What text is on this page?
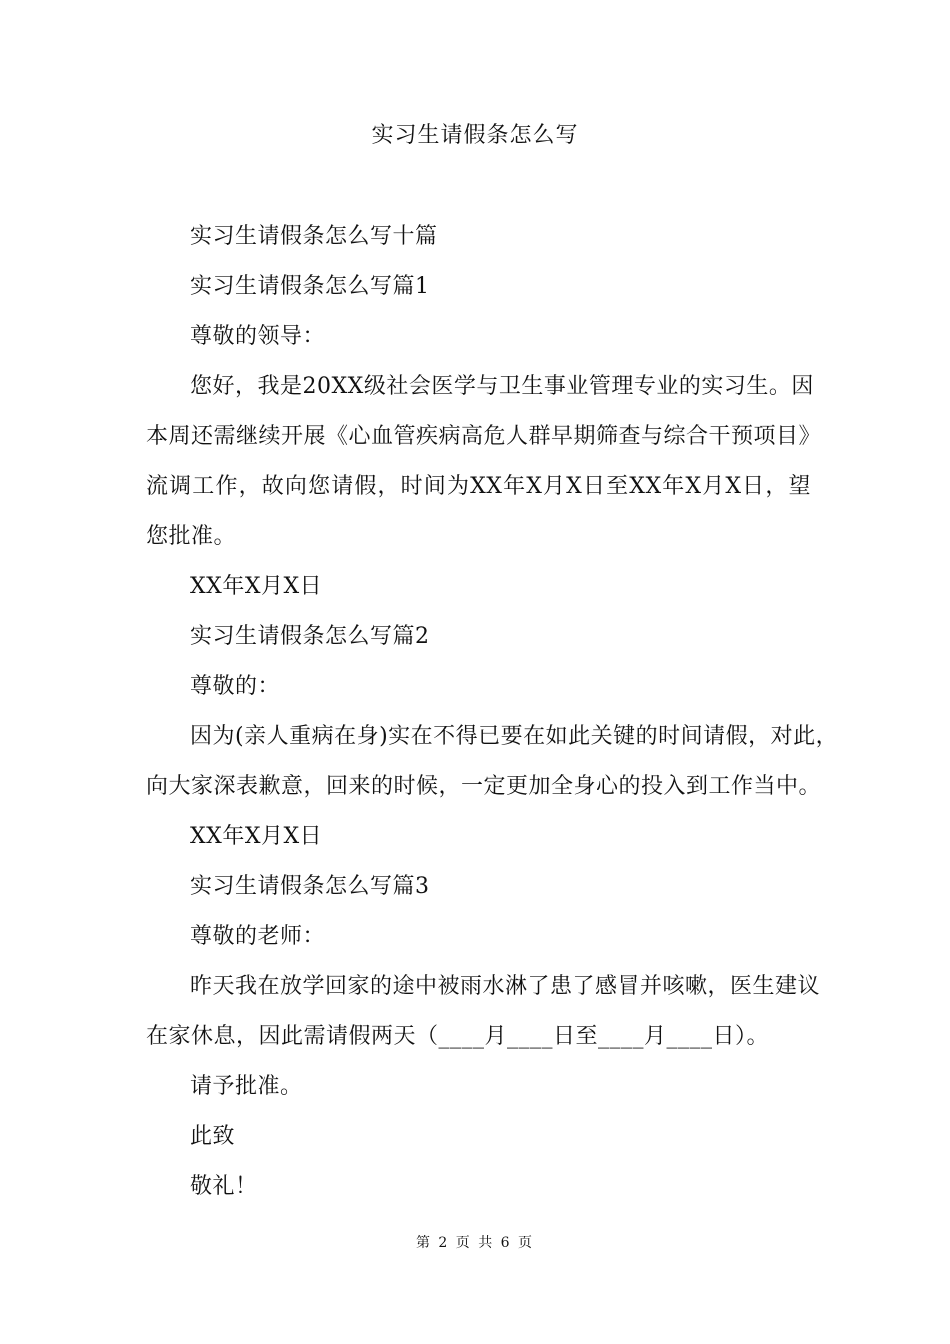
实习生请假条怎么写
实习生请假条怎么写十篇
实习生请假条怎么写篇1
尊敬的领导：
您好，我是20XX级社会医学与卫生事业管理专业的实习生。因
本周还需继续开展《心血管疾病高危人群早期筛查与综合干预项目》
流调工作，故向您请假，时间为XX年X月X日至XX年X月X日，望
您批准。
XX年X月X日
实习生请假条怎么写篇2
尊敬的：
因为(亲人重病在身)实在不得已要在如此关键的时间请假，对此，
向大家深表歉意，回来的时候，一定更加全身心的投入到工作当中。
XX年X月X日
实习生请假条怎么写篇3
尊敬的老师：
昨天我在放学回家的途中被雨水淋了患了感冒并咳嗽，医生建议
在家休息，因此需请假两天（____月____日至____月____日）。
请予批准。
此致
敬礼！
第 2 页 共 6 页
